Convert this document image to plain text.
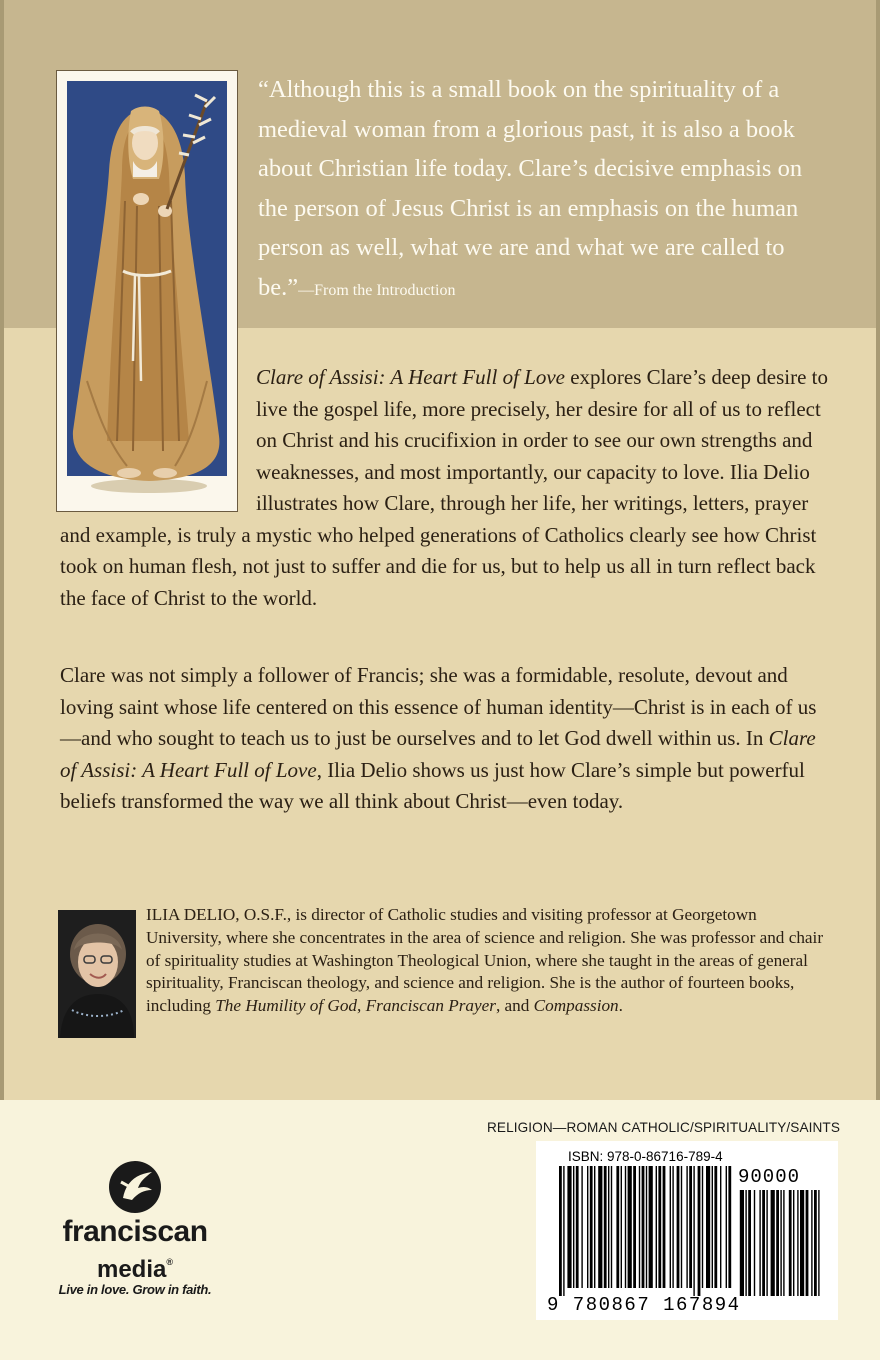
“Although this is a small book on the spirituality of a medieval woman from a glorious past, it is also a book about Christian life today. Clare’s decisive emphasis on the person of Jesus Christ is an emphasis on the human person as well, what we are and what we are called to be.”—From the Introduction

Clare of Assisi: A Heart Full of Love explores Clare’s deep desire to live the gospel life, more precisely, her desire for all of us to reflect on Christ and his crucifixion in order to see our own strengths and weaknesses, and most importantly, our capacity to love. Ilia Delio illustrates how Clare, through her life, her writings, letters, prayer and example, is truly a mystic who helped generations of Catholics clearly see how Christ took on human flesh, not just to suffer and die for us, but to help us all in turn reflect back the face of Christ to the world.

Clare was not simply a follower of Francis; she was a formidable, resolute, devout and loving saint whose life centered on this essence of human identity—Christ is in each of us—and who sought to teach us to just be ourselves and to let God dwell within us. In Clare of Assisi: A Heart Full of Love, Ilia Delio shows us just how Clare’s simple but powerful beliefs transformed the way we all think about Christ—even today.

ILIA DELIO, O.S.F., is director of Catholic studies and visiting professor at Georgetown University, where she concentrates in the area of science and religion. She was professor and chair of spirituality studies at Washington Theological Union, where she taught in the areas of general spirituality, Franciscan theology, and science and religion. She is the author of fourteen books, including The Humility of God, Franciscan Prayer, and Compassion.

RELIGION—ROMAN CATHOLIC/SPIRITUALITY/SAINTS
franciscan
media®
Live in love. Grow in faith.
ISBN: 978-0-86716-789-4
90000
9 780867 167894
